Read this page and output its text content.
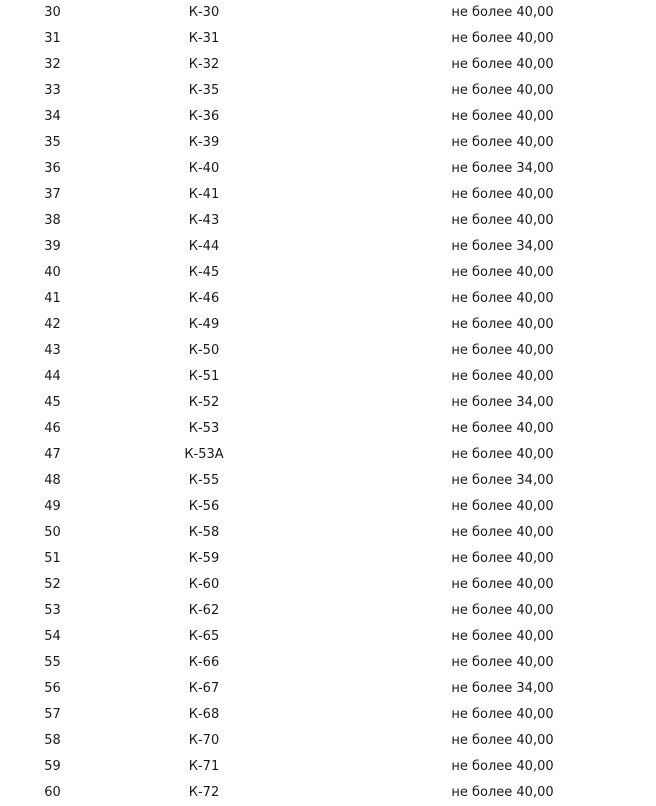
30	К-30	не более 40,00
31	К-31	не более 40,00
32	К-32	не более 40,00
33	К-35	не более 40,00
34	К-36	не более 40,00
35	К-39	не более 40,00
36	К-40	не более 34,00
37	К-41	не более 40,00
38	К-43	не более 40,00
39	К-44	не более 34,00
40	К-45	не более 40,00
41	К-46	не более 40,00
42	К-49	не более 40,00
43	К-50	не более 40,00
44	К-51	не более 40,00
45	К-52	не более 34,00
46	К-53	не более 40,00
47	К-53А	не более 40,00
48	К-55	не более 34,00
49	К-56	не более 40,00
50	К-58	не более 40,00
51	К-59	не более 40,00
52	К-60	не более 40,00
53	К-62	не более 40,00
54	К-65	не более 40,00
55	К-66	не более 40,00
56	К-67	не более 34,00
57	К-68	не более 40,00
58	К-70	не более 40,00
59	К-71	не более 40,00
60	К-72	не более 40,00
